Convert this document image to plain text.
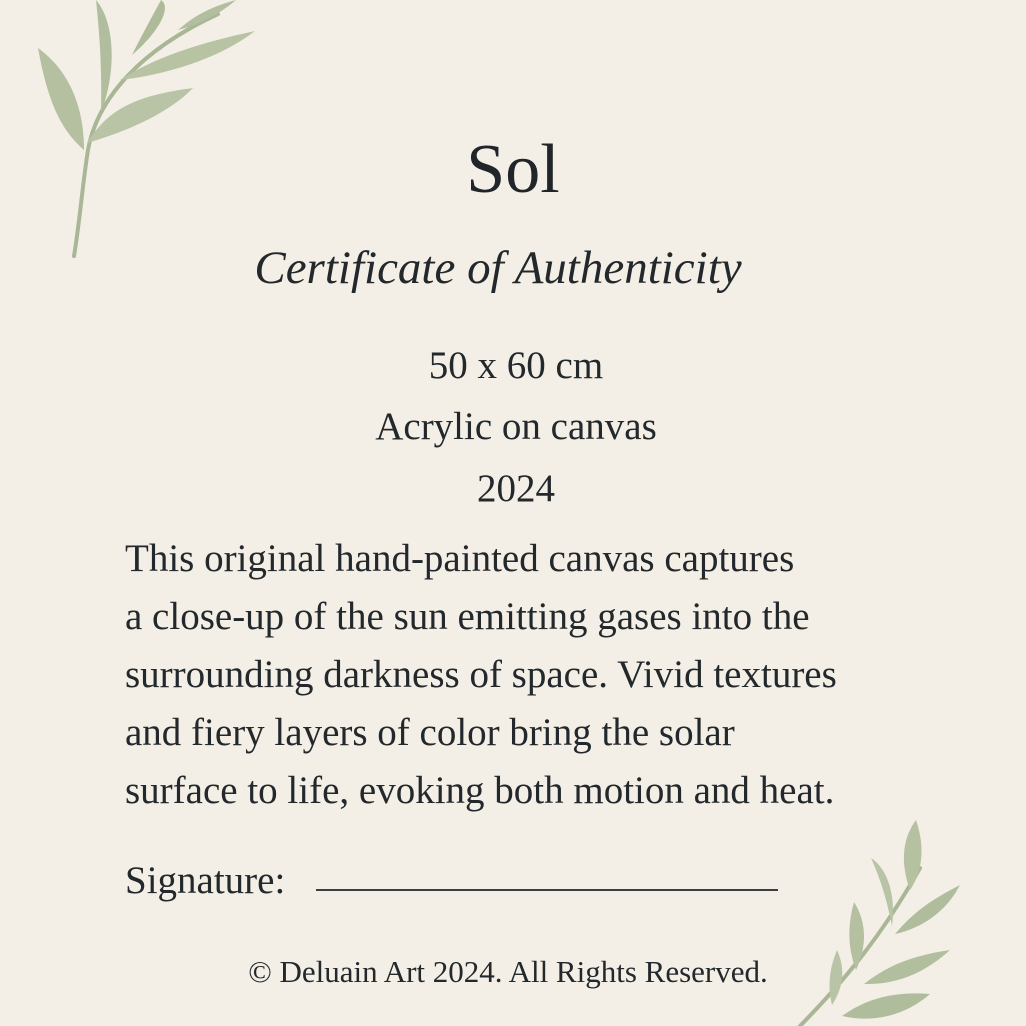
Sol
Certificate of Authenticity
50 x 60 cm
Acrylic on canvas
2024
This original hand-painted canvas captures
a close-up of the sun emitting gases into the
surrounding darkness of space. Vivid textures
and fiery layers of color bring the solar
surface to life, evoking both motion and heat.
Signature:
© Deluain Art 2024. All Rights Reserved.
